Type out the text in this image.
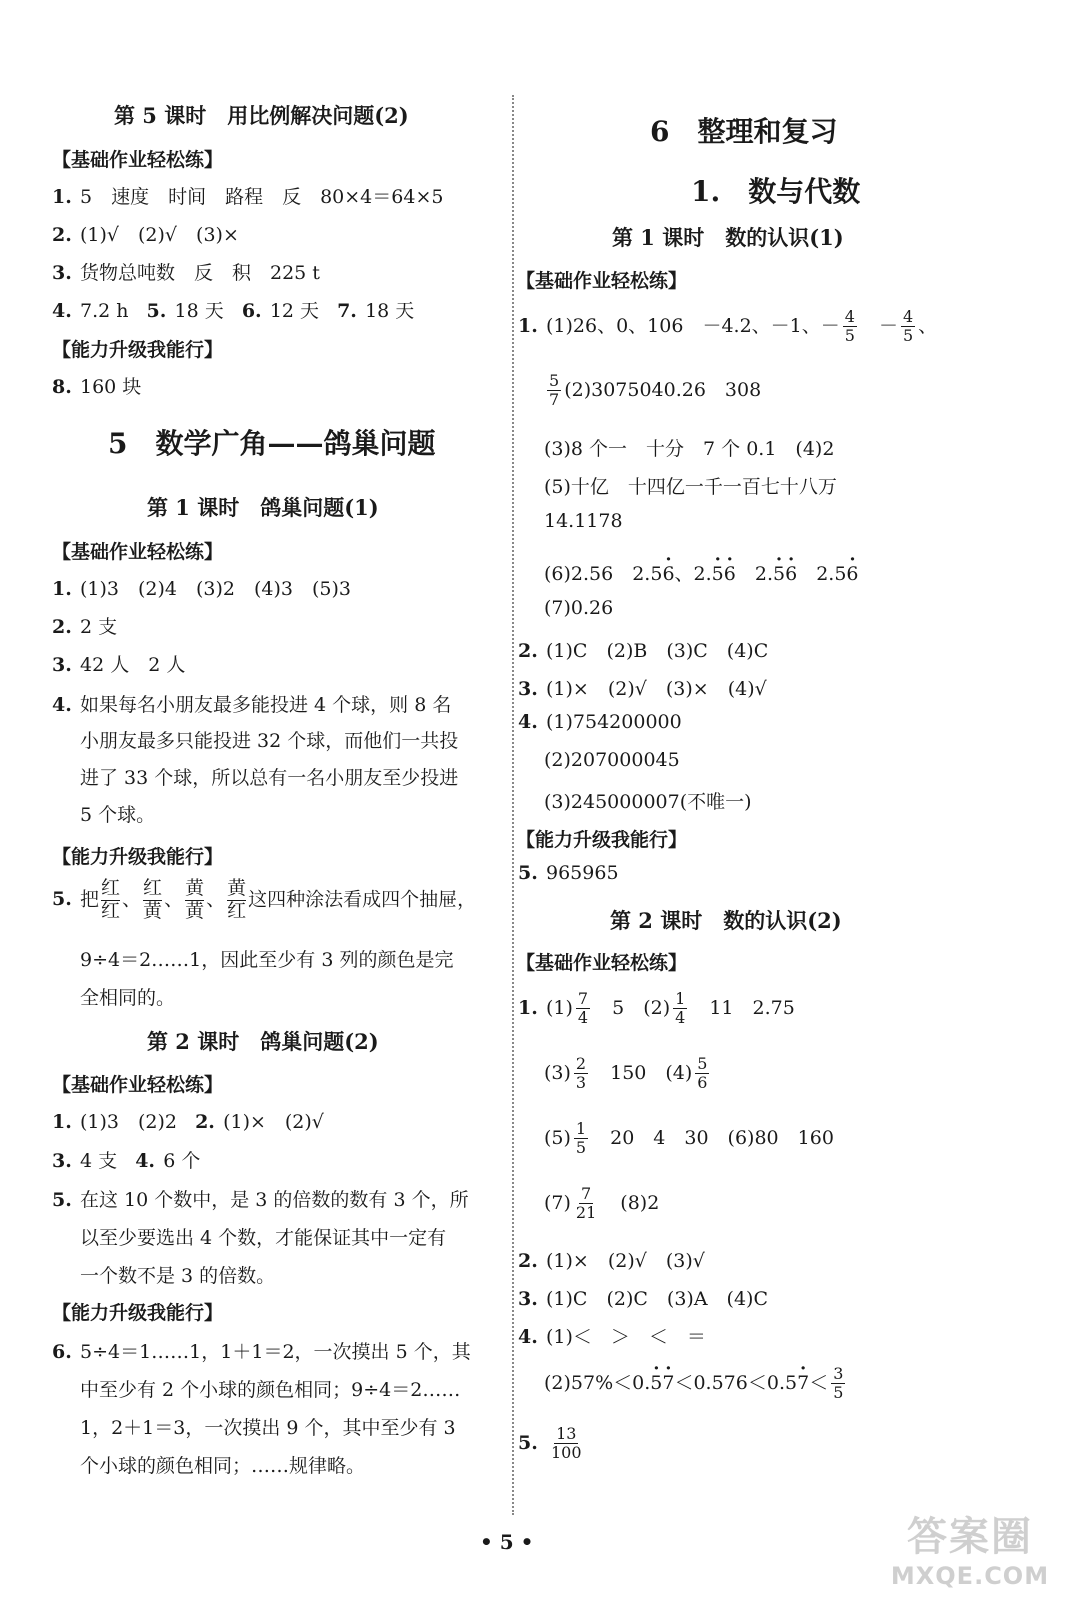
第 5 课时　用比例解决问题(2)
【基础作业轻松练】
1. 5　速度　时间　路程　反　80×4＝64×5
2. (1)√　(2)√　(3)×
3. 货物总吨数　反　积　225 t
4. 7.2 h 5. 18 天 6. 12 天 7. 18 天
【能力升级我能行】
8. 160 块
5　数学广角——鸽巢问题
第 1 课时　鸽巢问题(1)
【基础作业轻松练】
1. (1)3　(2)4　(3)2　(4)3　(5)3
2. 2 支
3. 42 人　2 人
4. 如果每名小朋友最多能投进 4 个球，则 8 名
小朋友最多只能投进 32 个球，而他们一共投
进了 33 个球，所以总有一名小朋友至少投进
5 个球。
【能力升级我能行】
5. 把
红
红
、
红
黄
、
黄
黄
、
黄
红
这四种涂法看成四个抽屉，
9÷4＝2……1，因此至少有 3 列的颜色是完
全相同的。
第 2 课时　鸽巢问题(2)
【基础作业轻松练】
1. (1)3　(2)2 2. (1)×　(2)√
3. 4 支 4. 6 个
5. 在这 10 个数中，是 3 的倍数的数有 3 个，所
以至少要选出 4 个数，才能保证其中一定有
一个数不是 3 的倍数。
【能力升级我能行】
6. 5÷4＝1……1，1＋1＝2，一次摸出 5 个，其
中至少有 2 个小球的颜色相同；9÷4＝2……
1，2＋1＝3，一次摸出 9 个，其中至少有 3
个小球的颜色相同；……规律略。
6　整理和复习
1.　数与代数
第 1 课时　数的认识(1)
【基础作业轻松练】
1. (1)26、0、106　－4.2、－1、－ $\frac{4}{5}$ 　－ $\frac{4}{5}$ 、
$\frac{5}{7} (2)3075040.26$　308
(3)8 个一　十分　7 个 0.1　(4)2
(5)十亿　十四亿一千一百七十八万
14.1178
(6)2.56　2.5· 6、2.· 5· 6　2.· 5· 6　2.5· 6
(7)0.26
2. (1)C　(2)B　(3)C　(4)C
3. (1)×　(2)√　(3)×　(4)√
4. (1)754200000
(2)207000045
(3)245000007(不唯一)
【能力升级我能行】
5. 965965
第 2 课时　数的认识(2)
【基础作业轻松练】
1. $(1) \frac{7}{4}$ 　5　$(2) \frac{1}{4}$ 　11　2.75
$(3) \frac{2}{3}$ 　150　$(4) \frac{5}{6}$
$(5) \frac{1}{5}$ 　20　4　30　(6)80　160
$(7) \frac{7}{21}$ 　(8)2
2. (1)×　(2)√　(3)√
3. (1)C　(2)C　(3)A　(4)C
4. (1)＜　＞　＜　＝
$(2)57\%<0.\cdot 5\cdot 7<0.576<0.5\cdot 7< \frac{3}{5}$
5. $\frac{13}{100}$
• 5 •	答案圈
MXQE.COM
